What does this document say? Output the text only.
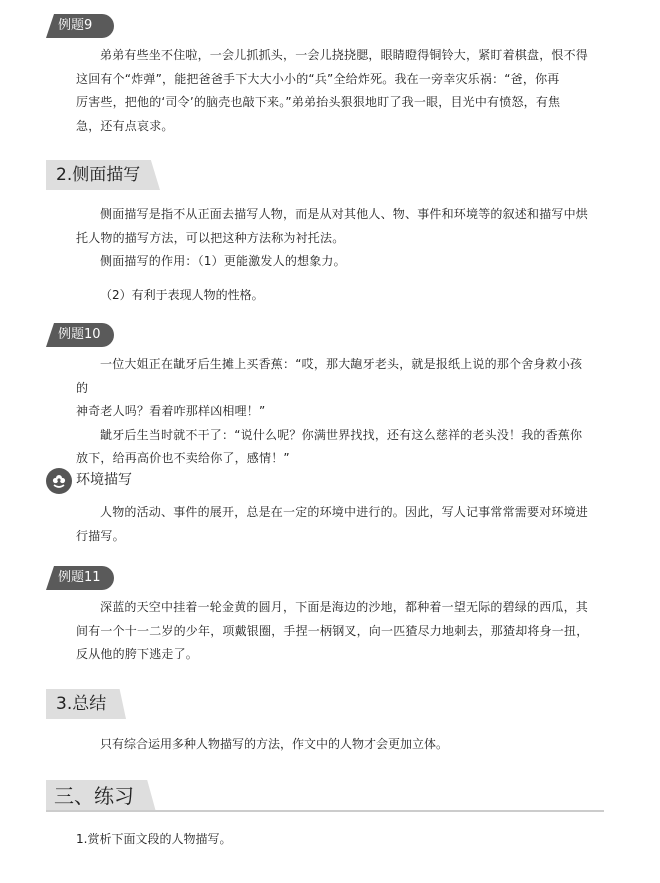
例题9
弟弟有些坐不住啦，一会儿抓抓头，一会儿挠挠腮，眼睛瞪得铜铃大，紧盯着棋盘，恨不得
这回有个“炸弹”，能把爸爸手下大大小小的“兵”全给炸死。我在一旁幸灾乐祸：“爸，你再
厉害些，把他的‘司令’的脑壳也敲下来。”弟弟抬头狠狠地盯了我一眼，目光中有愤怒，有焦
急，还有点哀求。
2.侧面描写
侧面描写是指不从正面去描写人物，而是从对其他人、物、事件和环境等的叙述和描写中烘
托人物的描写方法，可以把这种方法称为衬托法。
侧面描写的作用：（1）更能激发人的想象力。
（2）有利于表现人物的性格。
例题10
一位大姐正在龇牙后生摊上买香蕉：“哎，那大龅牙老头，就是报纸上说的那个舍身救小孩的
神奇老人吗？看着咋那样凶相哩！”
龇牙后生当时就不干了：“说什么呢？你满世界找找，还有这么慈祥的老头没！我的香蕉你
放下，给再高价也不卖给你了，感情！”
环境描写
人物的活动、事件的展开，总是在一定的环境中进行的。因此，写人记事常常需要对环境进
行描写。
例题11
深蓝的天空中挂着一轮金黄的圆月，下面是海边的沙地，都种着一望无际的碧绿的西瓜，其
间有一个十一二岁的少年，项戴银圈，手捏一柄钢叉，向一匹猹尽力地刺去，那猹却将身一扭，
反从他的胯下逃走了。
3.总结
只有综合运用多种人物描写的方法，作文中的人物才会更加立体。
三、练习
1.赏析下面文段的人物描写。
